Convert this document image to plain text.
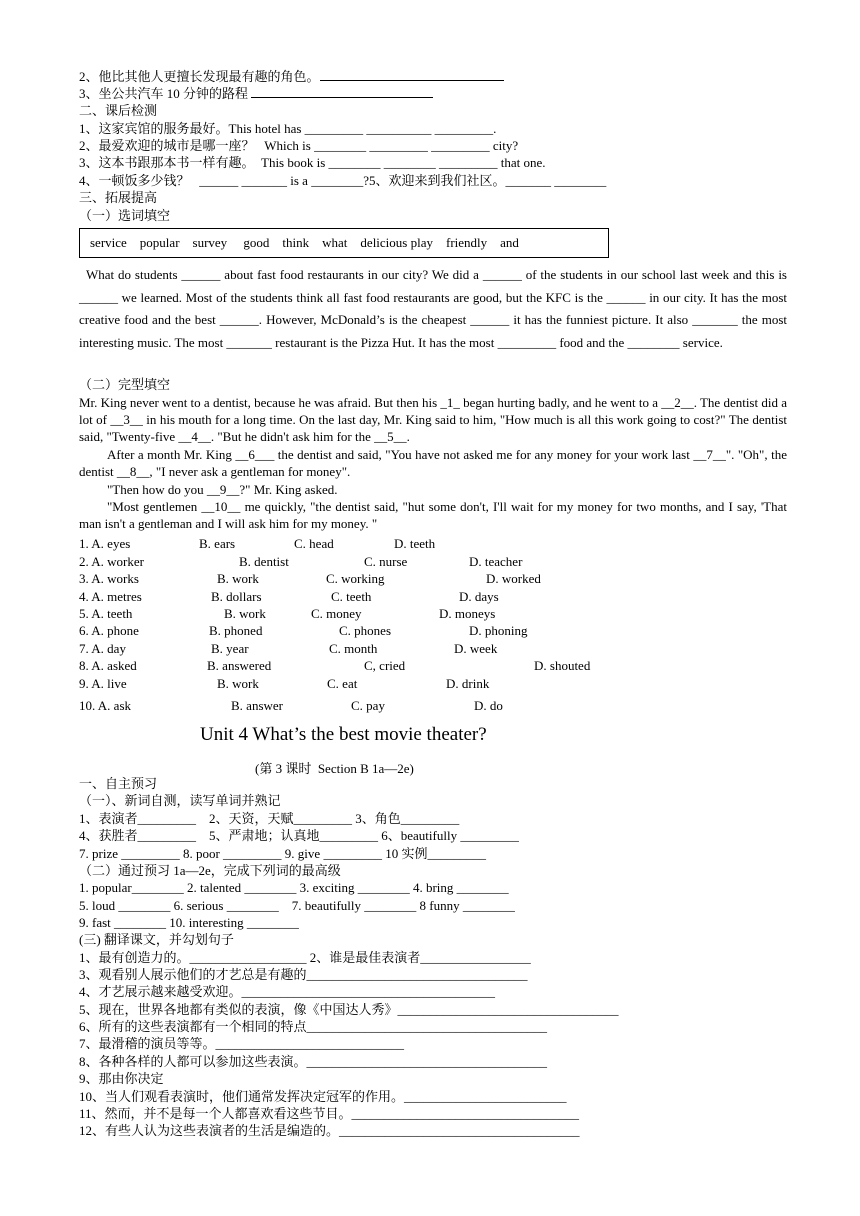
2、他比其他人更擅长发现最有趣的角色。
3、坐公共汽车 10 分钟的路程
二、课后检测
1、这家宾馆的服务最好。This hotel has _________ __________ _________.
2、最爱欢迎的城市是哪一座？   Which is ________ _________ _________ city?
3、这本书跟那本书一样有趣。  This book is ________ ________ _________ that one.
4、一顿饭多少钱？   ______ _______ is a ________?5、欢迎来到我们社区。_______ ________
三、拓展提高
（一）选词填空
service    popular    survey     good    think    what    delicious play    friendly    and
What do students ______ about fast food restaurants in our city? We did a ______ of the students in our school last week and this is ______ we learned. Most of the students think all fast food restaurants are good, but the KFC is the ______ in our city. It has the most creative food and the best ______. However, McDonald’s is the cheapest ______ it has the funniest picture. It also _______ the most interesting music. The most _______ restaurant is the Pizza Hut. It has the most _________ food and the ________ service.
（二）完型填空
Mr. King never went to a dentist, because he was afraid. But then his _1_ began hurting badly, and he went to a __2__. The dentist did a lot of __3__ in his mouth for a long time. On the last day, Mr. King said to him, "How much is all this work going to cost?" The dentist said, "Twenty-five __4__. "But he didn't ask him for the __5__.
After a month Mr. King __6___ the dentist and said, "You have not asked me for any money for your work last __7__". "Oh", the dentist __8__, "I never ask a gentleman for money".
"Then how do you __9__?" Mr. King asked.
"Most gentlemen __10__ me quickly, "the dentist said, "hut some don't, I'll wait for my money for two months, and I say, 'That man isn't a gentleman and I will ask him for my money. "
1. A. eyes	B. ears	C. head	D. teeth
2. A. worker	B. dentist	C. nurse	D. teacher
3. A. works	B. work	C. working	D. worked
4. A. metres	B. dollars	C. teeth	D. days
5. A. teeth	B. work	C. money	D. moneys
6. A. phone	B. phoned	C. phones	D. phoning
7. A. day	B. year	C. month	D. week
8. A. asked	B. answered	C, cried	D. shouted
9. A. live	B. work	C. eat	D. drink
10. A. ask	B. answer	C. pay	D. do
Unit 4 What’s the best movie theater?
(第 3 课时  Section B 1a—2e)
一、自主预习
（一）、新词自测，读写单词并熟记
1、表演者_________    2、天资，天赋_________ 3、角色_________
4、获胜者_________    5、严肃地；认真地_________ 6、beautifully _________
7. prize _________ 8. poor _________ 9. give _________ 10 实例_________
（二）通过预习 1a—2e，完成下列词的最高级
1. popular________ 2. talented ________ 3. exciting ________ 4. bring ________
5. loud ________ 6. serious ________    7. beautifully ________ 8 funny ________
9. fast ________ 10. interesting ________
(三) 翻译课文，并勾划句子
1、最有创造力的。__________________ 2、谁是最佳表演者_________________
3、观看别人展示他们的才艺总是有趣的__________________________________
4、才艺展示越来越受欢迎。_______________________________________
5、现在，世界各地都有类似的表演，像《中国达人秀》__________________________________
6、所有的这些表演都有一个相同的特点_____________________________________
7、最滑稽的演员等等。_____________________________
8、各种各样的人都可以参加这些表演。_____________________________________
9、那由你决定
10、当人们观看表演时，他们通常发挥决定冠军的作用。_________________________
11、然而，并不是每一个人都喜欢看这些节目。___________________________________
12、有些人认为这些表演者的生活是编造的。_____________________________________
